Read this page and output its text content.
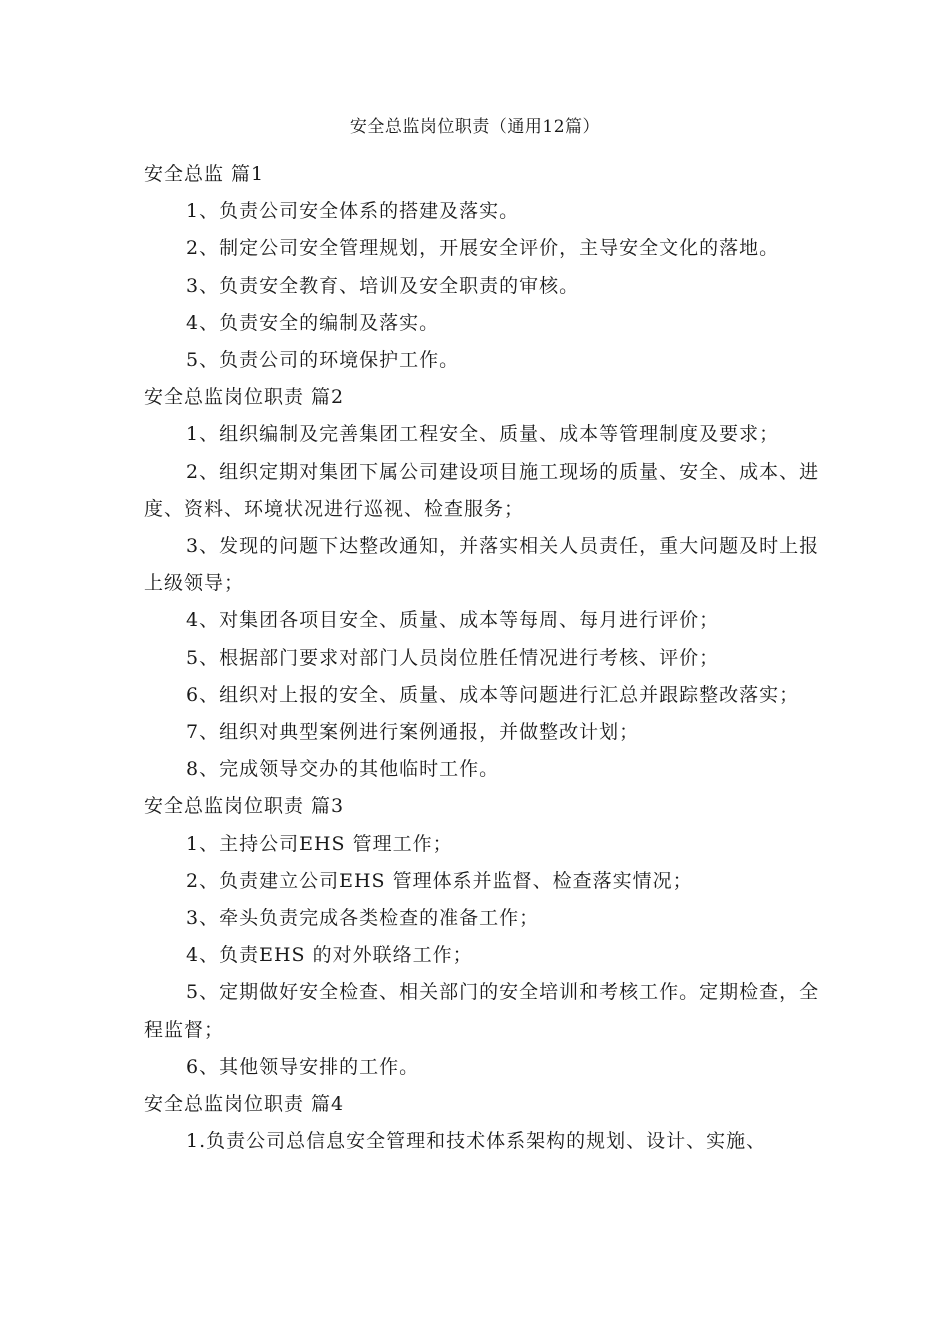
安全总监岗位职责（通用12篇）
安全总监 篇1

1、负责公司安全体系的搭建及落实。

2、制定公司安全管理规划，开展安全评价，主导安全文化的落地。

3、负责安全教育、培训及安全职责的审核。

4、负责安全的编制及落实。

5、负责公司的环境保护工作。

安全总监岗位职责 篇2

1、组织编制及完善集团工程安全、质量、成本等管理制度及要求；

2、组织定期对集团下属公司建设项目施工现场的质量、安全、成本、进度、资料、环境状况进行巡视、检查服务；

3、发现的问题下达整改通知，并落实相关人员责任，重大问题及时上报上级领导；

4、对集团各项目安全、质量、成本等每周、每月进行评价；

5、根据部门要求对部门人员岗位胜任情况进行考核、评价；

6、组织对上报的安全、质量、成本等问题进行汇总并跟踪整改落实；

7、组织对典型案例进行案例通报，并做整改计划；

8、完成领导交办的其他临时工作。

安全总监岗位职责 篇3

1、主持公司EHS 管理工作；

2、负责建立公司EHS 管理体系并监督、检查落实情况；

3、牵头负责完成各类检查的准备工作；

4、负责EHS 的对外联络工作；

5、定期做好安全检查、相关部门的安全培训和考核工作。定期检查，全程监督；

6、其他领导安排的工作。

安全总监岗位职责 篇4

1.负责公司总信息安全管理和技术体系架构的规划、设计、实施、
